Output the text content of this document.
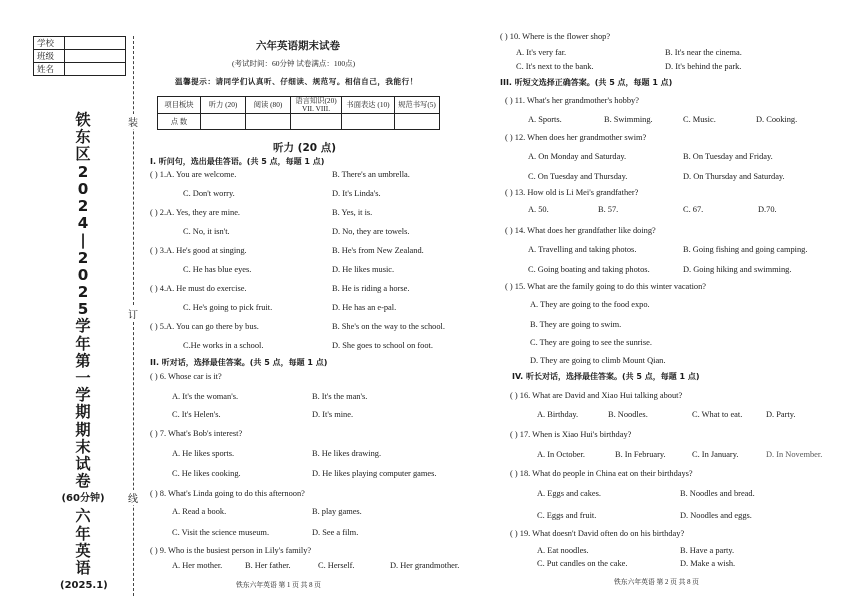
学校	
班级	
姓名	
铁
东
区
2
0
2
4
|
2
0
2
5
学
年
第
一
学
期
期
末
试
卷
(60分钟)
六
年
英
语
(2025.1)
装
订
线
六年英语期末试卷
(考试时间：60分钟 试卷满点：100点)
温馨提示：请同学们认真听、仔细读、规范写。相信自己，我能行！
项目板块	听力 (20)	阅读 (80)	语言知识(20) VII. VIII.	书面表达 (10)	规范书写(5)
点 数					
听力 (20 点)
I. 听问句，选出最佳答语。(共 5 点，每题 1 点)
( ) 1.A. You are welcome.	B. There's an umbrella.
C. Don't worry.	D. It's Linda's.
( ) 2.A. Yes, they are mine.	B. Yes, it is.
C. No, it isn't.	D. No, they are towels.
( ) 3.A. He's good at singing.	B. He's from New Zealand.
C. He has blue eyes.	D. He likes music.
( ) 4.A. He must do exercise.	B. He is riding a horse.
C. He's going to pick fruit.	D. He has an e-pal.
( ) 5.A. You can go there by bus.	B. She's on the way to the school.
C.He works in a school.	D. She goes to school on foot.
II. 听对话，选择最佳答案。(共 5 点，每题 1 点)
( ) 6. Whose car is it?
A. It's the woman's.	B. It's the man's.
C. It's Helen's.	D. It's mine.
( ) 7. What's Bob's interest?
A. He likes sports.	B. He likes drawing.
C. He likes cooking.	D. He likes playing computer games.
( ) 8. What's Linda going to do this afternoon?
A. Read a book.	B. play games.
C. Visit the science museum.	D. See a film.
( ) 9. Who is the busiest person in Lily's family?
A. Her mother.	B. Her father.	C. Herself.	D. Her grandmother.
铁东六年英语 第 1 页 共 8 页
( ) 10. Where is the flower shop?
A. It's very far.	B. It's near the cinema.
C. It's next to the bank.	D. It's behind the park.
III. 听短文选择正确答案。(共 5 点，每题 1 点)
( ) 11. What's her grandmother's hobby?
A. Sports.	B. Swimming.	C. Music.	D. Cooking.
( ) 12. When does her grandmother swim?
A. On Monday and Saturday.	B. On Tuesday and Friday.
C. On Tuesday and Thursday.	D. On Thursday and Saturday.
( ) 13. How old is Li Mei's grandfather?
A. 50.	B. 57.	C. 67.	D.70.
( ) 14. What does her grandfather like doing?
A. Travelling and taking photos.	B. Going fishing and going camping.
C. Going boating and taking photos.	D. Going hiking and swimming.
( ) 15. What are the family going to do this winter vacation?
A. They are going to the food expo.
B. They are going to swim.
C. They are going to see the sunrise.
D. They are going to climb Mount Qian.
IV. 听长对话，选择最佳答案。(共 5 点，每题 1 点)
( ) 16. What are David and Xiao Hui talking about?
A. Birthday.	B. Noodles.	C. What to eat.	D. Party.
( ) 17. When is Xiao Hui's birthday?
A. In October.	B. In February.	C. In January.	D. In November.
( ) 18. What do people in China eat on their birthdays?
A. Eggs and cakes.	B. Noodles and bread.
C. Eggs and fruit.	D. Noodles and eggs.
( ) 19. What doesn't David often do on his birthday?
A. Eat noodles.	B. Have a party.
C. Put candles on the cake.	D. Make a wish.
铁东六年英语 第 2 页 共 8 页
